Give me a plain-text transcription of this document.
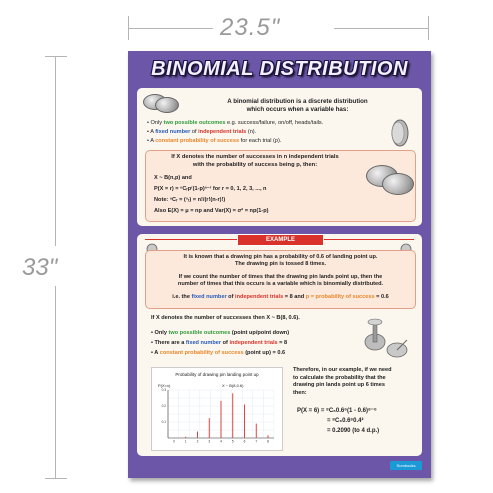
23.5"
33"
BINOMIAL DISTRIBUTION
A binomial distribution is a discrete distribution
which occurs when a variable has:
• Only two possible outcomes e.g. success/failure, on/off, heads/tails.
• A fixed number of independent trials (n).
• A constant probability of success for each trial (p).
If X denotes the number of successes in n independent trials
with the probability of success being p, then:
X ~ B(n,p) and
P(X = r) = ⁿCᵣpʳ(1-p)ⁿ⁻ʳ for r = 0, 1, 2, 3, ..., n
Note: ⁿCᵣ = (ⁿᵣ) = n!/(r!(n-r)!)
Also E(X) = μ = np and Var(X) = σ² = np(1-p)
EXAMPLE
It is known that a drawing pin has a probability of 0.6 of landing point up.
The drawing pin is tossed 8 times.
If we count the number of times that the drawing pin lands point up, then the
number of times that this occurs is a variable which is binomially distributed.
i.e. the fixed number of independent trials = 8 and p = probability of success = 0.6
If X denotes the number of successes then X ~ B(8, 0.6).
• Only two possible outcomes (point up/point down)
• There are a fixed number of independent trials = 8
• A constant probability of success (point up) = 0.6
Probability of drawing pin landing point up
P(X=x)	X ~ B(8,0.6)
0.1
0.2
0.3
0	1	2	3	4	5	6	7	8
Therefore, in our example, if we need
to calculate the probability that the
drawing pin lands point up 6 times
then:
P(X = 6) = ⁸C₆0.6⁶(1 - 0.6)⁸⁻⁶
= ⁸C₆0.6⁶0.4²
= 0.2090 (to 4 d.p.)
Sumbooks
